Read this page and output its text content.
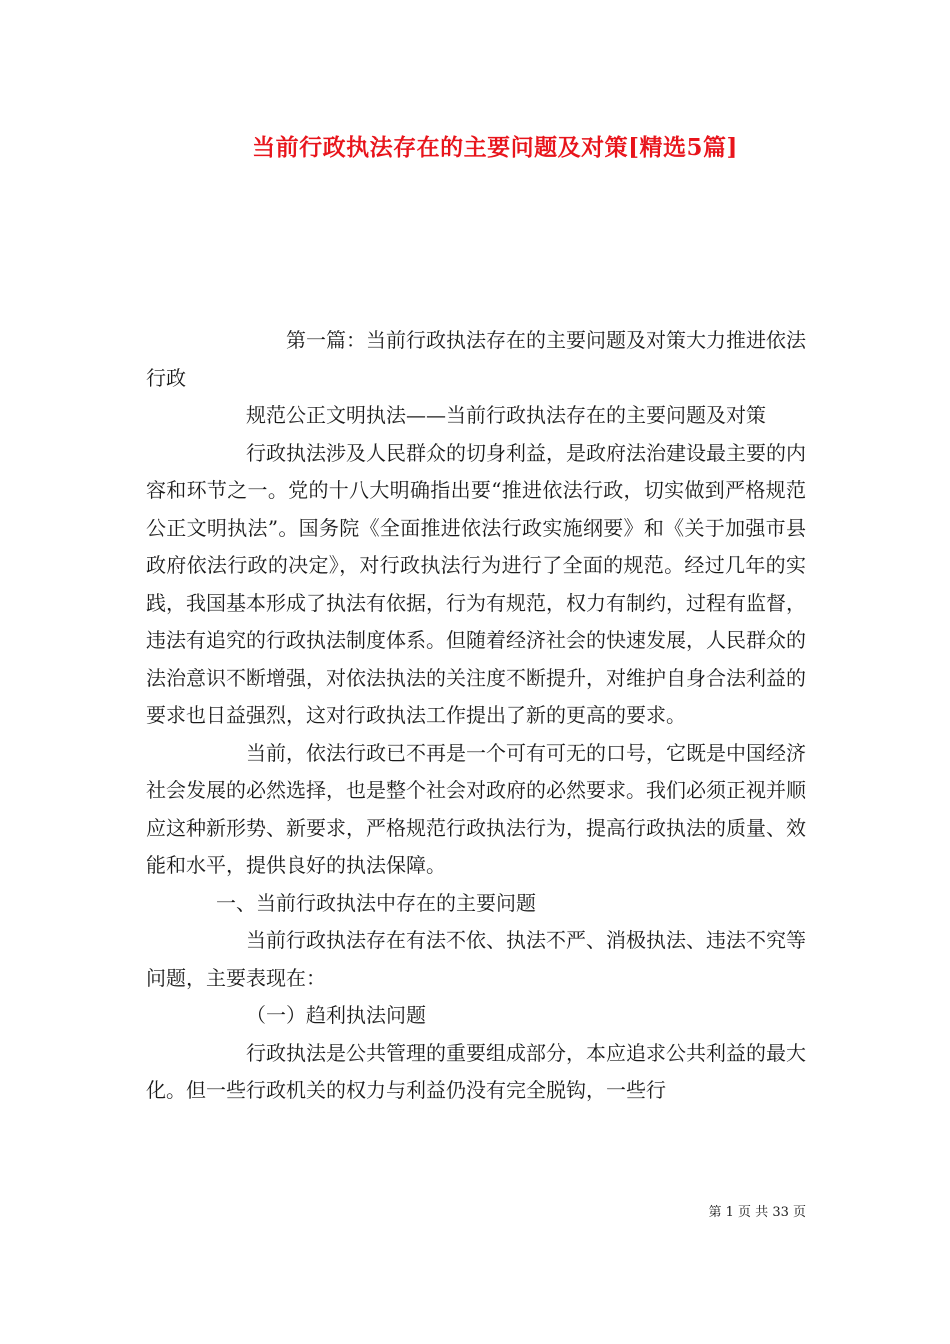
当前行政执法存在的主要问题及对策[精选5篇]

第一篇：当前行政执法存在的主要问题及对策大力推进依法行政

规范公正文明执法——当前行政执法存在的主要问题及对策

行政执法涉及人民群众的切身利益，是政府法治建设最主要的内容和环节之一。党的十八大明确指出要“推进依法行政，切实做到严格规范公正文明执法”。国务院《全面推进依法行政实施纲要》和《关于加强市县政府依法行政的决定》，对行政执法行为进行了全面的规范。经过几年的实践，我国基本形成了执法有依据，行为有规范，权力有制约，过程有监督，违法有追究的行政执法制度体系。但随着经济社会的快速发展，人民群众的法治意识不断增强，对依法执法的关注度不断提升，对维护自身合法利益的要求也日益强烈，这对行政执法工作提出了新的更高的要求。

当前，依法行政已不再是一个可有可无的口号，它既是中国经济社会发展的必然选择，也是整个社会对政府的必然要求。我们必须正视并顺应这种新形势、新要求，严格规范行政执法行为，提高行政执法的质量、效能和水平，提供良好的执法保障。

一、当前行政执法中存在的主要问题

当前行政执法存在有法不依、执法不严、消极执法、违法不究等问题，主要表现在：

（一）趋利执法问题

行政执法是公共管理的重要组成部分，本应追求公共利益的最大化。但一些行政机关的权力与利益仍没有完全脱钩，一些行

第 1 页 共 33 页
